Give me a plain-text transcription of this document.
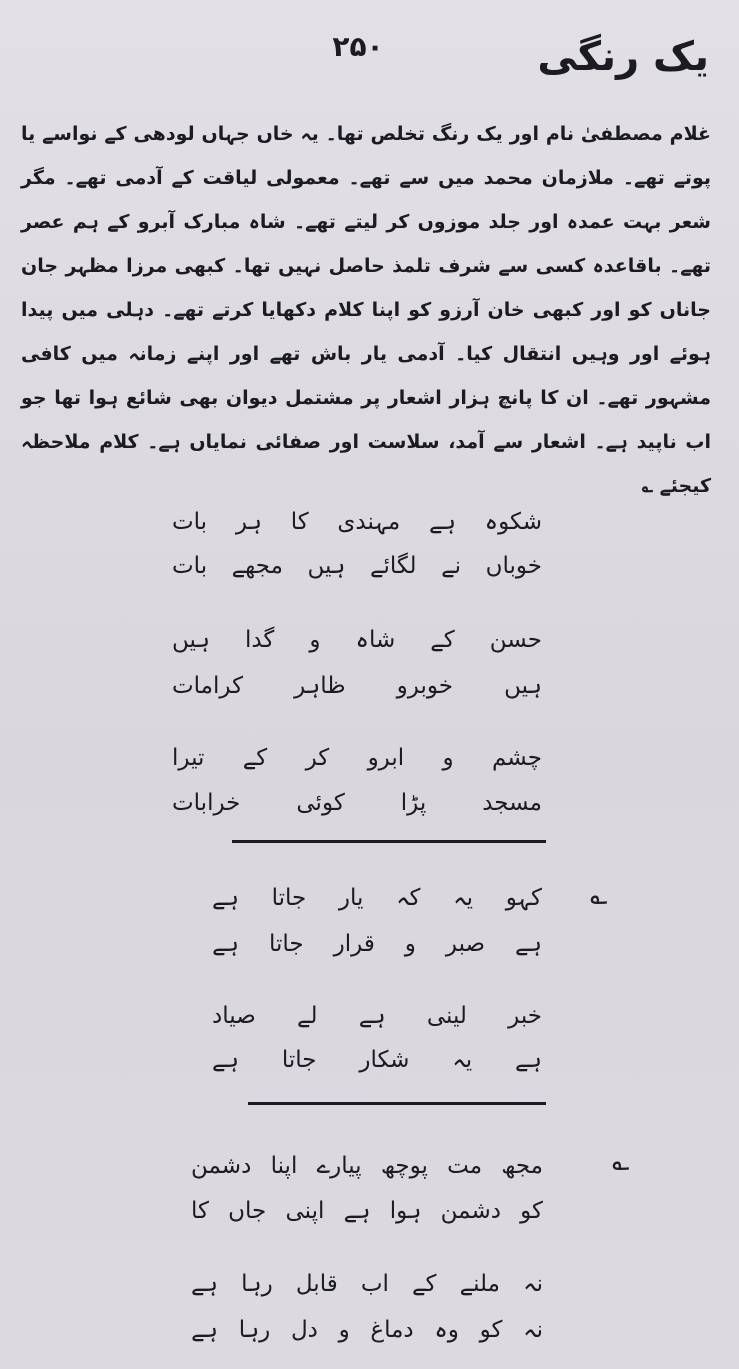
۲۵۰	یک رنگی
غلام مصطفیٰ نام اور یک رنگ تخلص تھا۔ یہ خاں جہاں لودھی کے نواسے یا پوتے تھے۔ ملازمان محمد میں سے تھے۔ معمولی لیاقت کے آدمی تھے۔ مگر شعر بہت عمدہ اور جلد موزوں کر لیتے تھے۔ شاہ مبارک آبرو کے ہم عصر تھے۔ باقاعدہ کسی سے شرف تلمذ حاصل نہیں تھا۔ کبھی مرزا مظہر جان جاناں کو اور کبھی خان آرزو کو اپنا کلام دکھایا کرتے تھے۔ دہلی میں پیدا ہوئے اور وہیں انتقال کیا۔ آدمی یار باش تھے اور اپنے زمانہ میں کافی مشہور تھے۔ ان کا پانچ ہزار اشعار پر مشتمل دیوان بھی شائع ہوا تھا جو اب ناپید ہے۔ اشعار سے آمد، سلاست اور صفائی نمایاں ہے۔ کلام ملاحظہ کیجئے ؎
شکوہ
ہے
مہندی
کا
ہر
بات
خوباں
نے
لگائے
ہیں
مجھے
بات
حسن
کے
شاہ
و
گدا
ہیں
ہیں
خوبرو
ظاہر
کرامات
چشم
و
ابرو
کر
کے
تیرا
مسجد
پڑا
کوئی
خرابات
؎
کہو
یہ
کہ
یار
جاتا
ہے
ہے
صبر
و
قرار
جاتا
ہے
خبر
لینی
ہے
لے
صیاد
ہے
یہ
شکار
جاتا
ہے
؎
مجھ
مت
پوچھ
پیارے
اپنا
دشمن
کو
دشمن
ہوا
ہے
اپنی
جاں
کا
نہ
ملنے
کے
اب
قابل
رہا
ہے
نہ
کو
وہ
دماغ
و
دل
رہا
ہے
